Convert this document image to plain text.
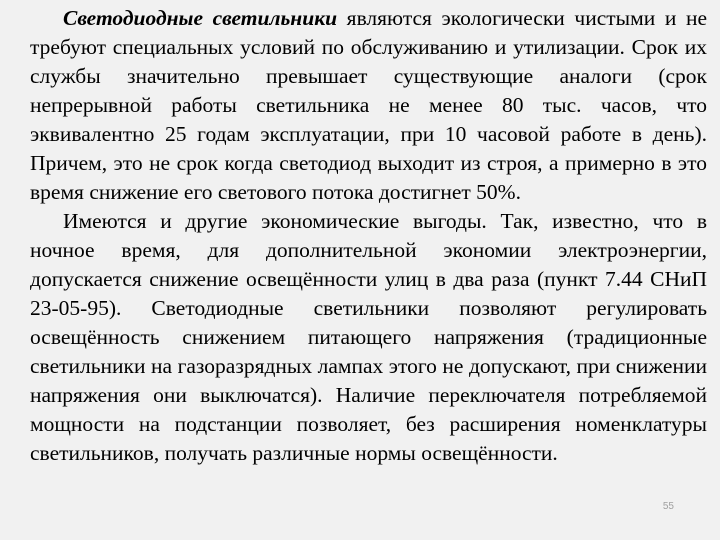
Светодиодные светильники являются экологически чистыми и не требуют специальных условий по обслуживанию и утилизации. Срок их службы значительно превышает существующие аналоги (срок непрерывной работы светильника не менее 80 тыс. часов, что эквивалентно 25 годам эксплуатации, при 10 часовой работе в день). Причем, это не срок когда светодиод выходит из строя, а примерно в это время снижение его светового потока достигнет 50%.

Имеются и другие экономические выгоды. Так, известно, что в ночное время, для дополнительной экономии электроэнергии, допускается снижение освещённости улиц в два раза (пункт 7.44 СНиП 23-05-95). Светодиодные светильники позволяют регулировать освещённость снижением питающего напряжения (традиционные светильники на газоразрядных лампах этого не допускают, при снижении напряжения они выключатся). Наличие переключателя потребляемой мощности на подстанции позволяет, без расширения номенклатуры светильников, получать различные нормы освещённости.

55
